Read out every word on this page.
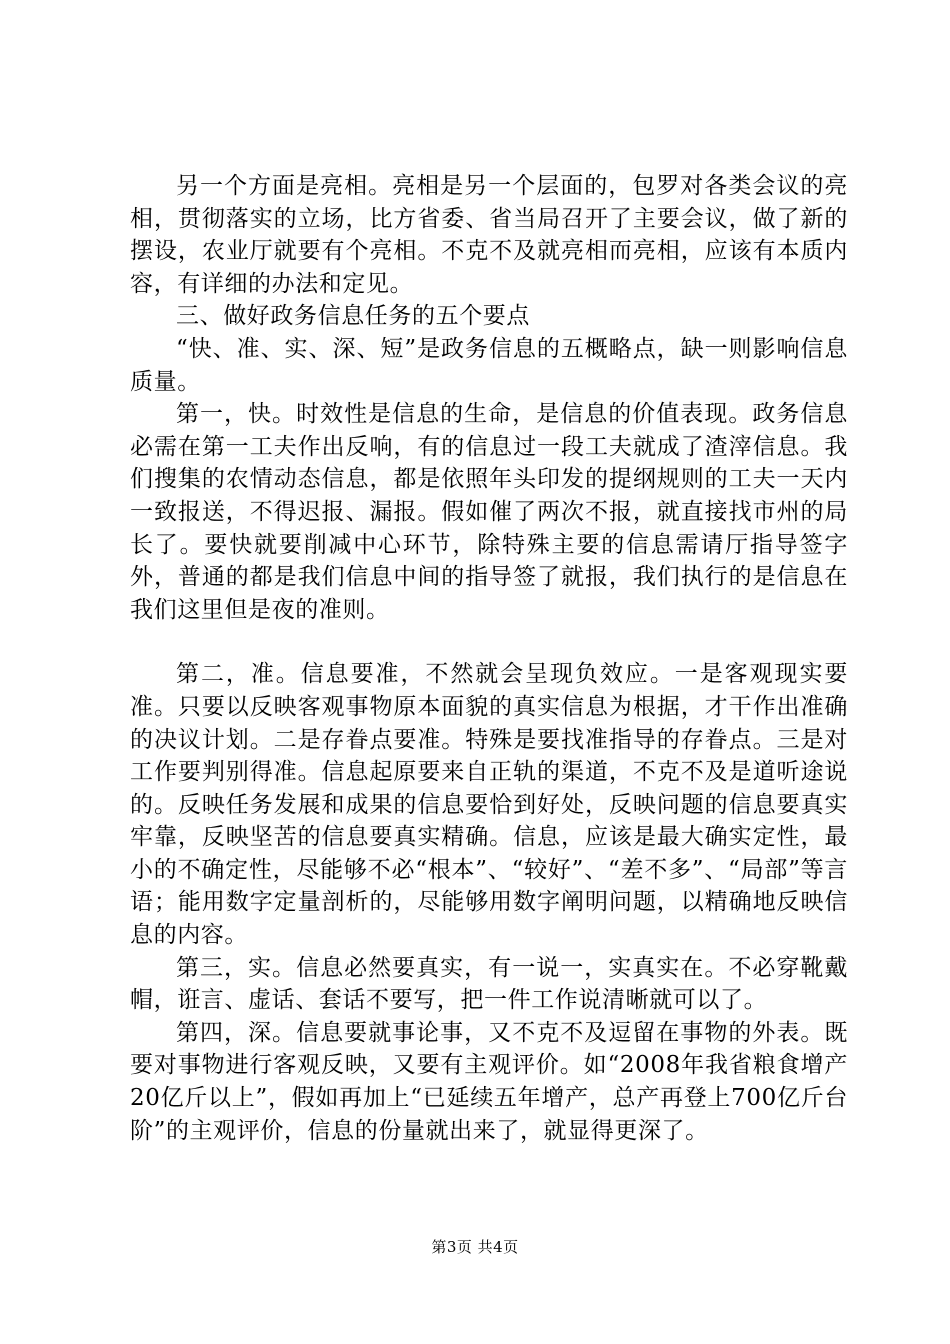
另一个方面是亮相。亮相是另一个层面的，包罗对各类会议的亮相，贯彻落实的立场，比方省委、省当局召开了主要会议，做了新的摆设，农业厅就要有个亮相。不克不及就亮相而亮相，应该有本质内容，有详细的办法和定见。

三、做好政务信息任务的五个要点

“快、准、实、深、短”是政务信息的五概略点，缺一则影响信息质量。

第一，快。时效性是信息的生命，是信息的价值表现。政务信息必需在第一工夫作出反响，有的信息过一段工夫就成了渣滓信息。我们搜集的农情动态信息，都是依照年头印发的提纲规则的工夫一天内一致报送，不得迟报、漏报。假如催了两次不报，就直接找市州的局长了。要快就要削减中心环节，除特殊主要的信息需请厅指导签字外，普通的都是我们信息中间的指导签了就报，我们执行的是信息在我们这里但是夜的准则。

第二，准。信息要准，不然就会呈现负效应。一是客观现实要准。只要以反映客观事物原本面貌的真实信息为根据，才干作出准确的决议计划。二是存眷点要准。特殊是要找准指导的存眷点。三是对工作要判别得准。信息起原要来自正轨的渠道，不克不及是道听途说的。反映任务发展和成果的信息要恰到好处，反映问题的信息要真实牢靠，反映坚苦的信息要真实精确。信息，应该是最大确实定性，最小的不确定性，尽能够不必“根本”、“较好”、“差不多”、“局部”等言语；能用数字定量剖析的，尽能够用数字阐明问题，以精确地反映信息的内容。

第三，实。信息必然要真实，有一说一，实真实在。不必穿靴戴帽，诳言、虚话、套话不要写，把一件工作说清晰就可以了。

第四，深。信息要就事论事，又不克不及逗留在事物的外表。既要对事物进行客观反映，又要有主观评价。如“2008年我省粮食增产20亿斤以上”，假如再加上“已延续五年增产，总产再登上700亿斤台阶”的主观评价，信息的份量就出来了，就显得更深了。

第3页 共4页
